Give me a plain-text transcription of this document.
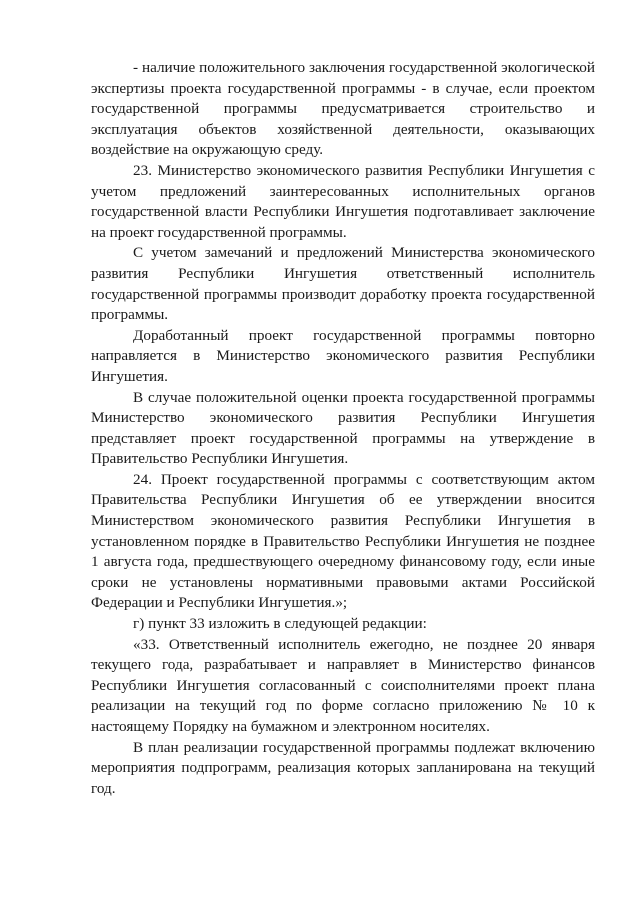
- наличие положительного заключения государственной экологической экспертизы проекта государственной программы - в случае, если проектом государственной программы предусматривается строительство и эксплуатация объектов хозяйственной деятельности, оказывающих воздействие на окружающую среду.

23. Министерство экономического развития Республики Ингушетия с учетом предложений заинтересованных исполнительных органов государственной власти Республики Ингушетия подготавливает заключение на проект государственной программы.

С учетом замечаний и предложений Министерства экономического развития Республики Ингушетия ответственный исполнитель государственной программы производит доработку проекта государственной программы.

Доработанный проект государственной программы повторно направляется в Министерство экономического развития Республики Ингушетия.

В случае положительной оценки проекта государственной программы Министерство экономического развития Республики Ингушетия представляет проект государственной программы на утверждение в Правительство Республики Ингушетия.

24. Проект государственной программы с соответствующим актом Правительства Республики Ингушетия об ее утверждении вносится Министерством экономического развития Республики Ингушетия в установленном порядке в Правительство Республики Ингушетия не позднее 1 августа года, предшествующего очередному финансовому году, если иные сроки не установлены нормативными правовыми актами Российской Федерации и Республики Ингушетия.»;

г) пункт 33 изложить в следующей редакции:

«33. Ответственный исполнитель ежегодно, не позднее 20 января текущего года, разрабатывает и направляет в Министерство финансов Республики Ингушетия согласованный с соисполнителями проект плана реализации на текущий год по форме согласно приложению № 10 к настоящему Порядку на бумажном и электронном носителях.

В план реализации государственной программы подлежат включению мероприятия подпрограмм, реализация которых запланирована на текущий год.
